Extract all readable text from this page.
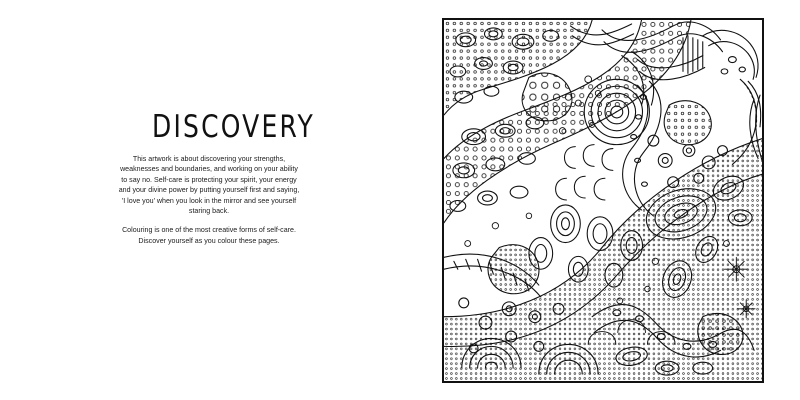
DISCOVERY

This artwork is about discovering your strengths, weaknesses and boundaries, and working on your ability to say no. Self-care is protecting your spirit, your energy and your divine power by putting yourself first and saying, 'I love you' when you look in the mirror and see yourself staring back.

Colouring is one of the most creative forms of self-care. Discover yourself as you colour these pages.
